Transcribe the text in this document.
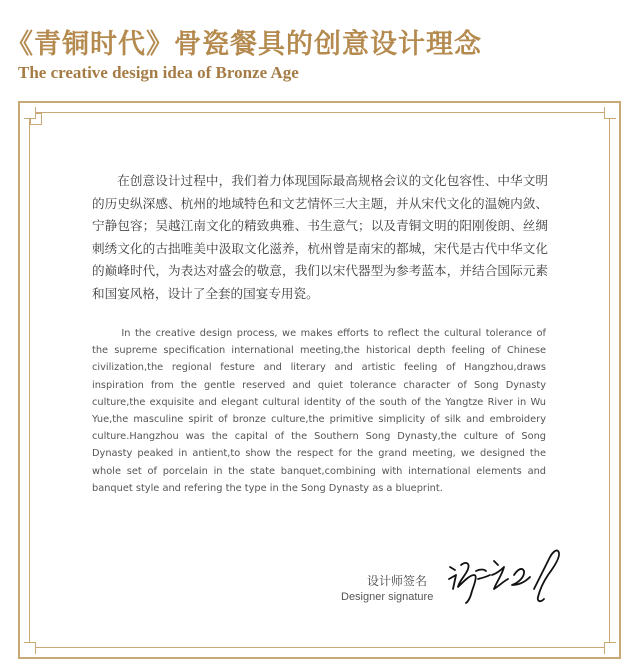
《青铜时代》骨瓷餐具的创意设计理念
The creative design idea of Bronze Age

在创意设计过程中，我们着力体现国际最高规格会议的文化包容性、中华文明的历史纵深感、杭州的地域特色和文艺情怀三大主题，并从宋代文化的温婉内敛、宁静包容；吴越江南文化的精致典雅、书生意气；以及青铜文明的阳刚俊朗、丝绸刺绣文化的古拙唯美中汲取文化滋养，杭州曾是南宋的都城，宋代是古代中华文化的巅峰时代，为表达对盛会的敬意，我们以宋代器型为参考蓝本，并结合国际元素和国宴风格，设计了全套的国宴专用瓷。

In the creative design process, we makes efforts to reflect the cultural tolerance of the supreme specification international meeting,the historical depth feeling of Chinese civilization,the regional festure and literary and artistic feeling of Hangzhou,draws inspiration from the gentle reserved and quiet tolerance character of Song Dynasty culture,the exquisite and elegant cultural identity of the south of the Yangtze River in Wu Yue,the masculine spirit of bronze culture,the primitive simplicity of silk and embroidery culture.Hangzhou was the capital of the Southern Song Dynasty,the culture of Song Dynasty peaked in antient,to show the respect for the grand meeting, we designed the whole set of porcelain in the state banquet,combining with international elements and banquet style and refering the type in the Song Dynasty as a blueprint.

设计师签名
Designer signature
